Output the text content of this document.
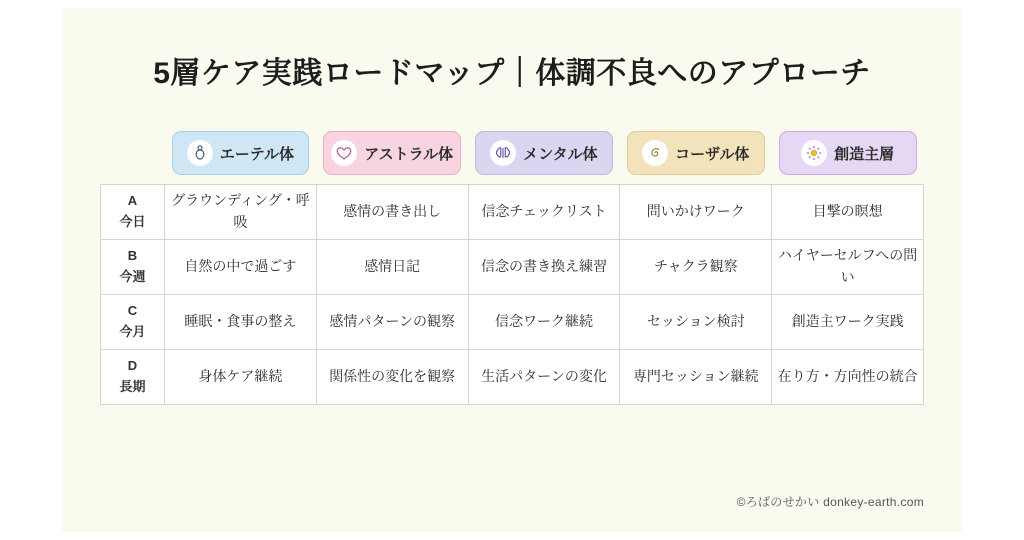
5層ケア実践ロードマップ｜体調不良へのアプローチ

	エーテル体	アストラル体	メンタル体	コーザル体	創造主層

A
今日	グラウンディング・呼吸	感情の書き出し	信念チェックリスト	問いかけワーク	目撃の瞑想

B
今週	自然の中で過ごす	感情日記	信念の書き換え練習	チャクラ観察	ハイヤーセルフへの問い

C
今月	睡眠・食事の整え	感情パターンの観察	信念ワーク継続	セッション検討	創造主ワーク実践

D
長期	身体ケア継続	関係性の変化を観察	生活パターンの変化	専門セッション継続	在り方・方向性の統合
©ろばのせかい donkey-earth.com
